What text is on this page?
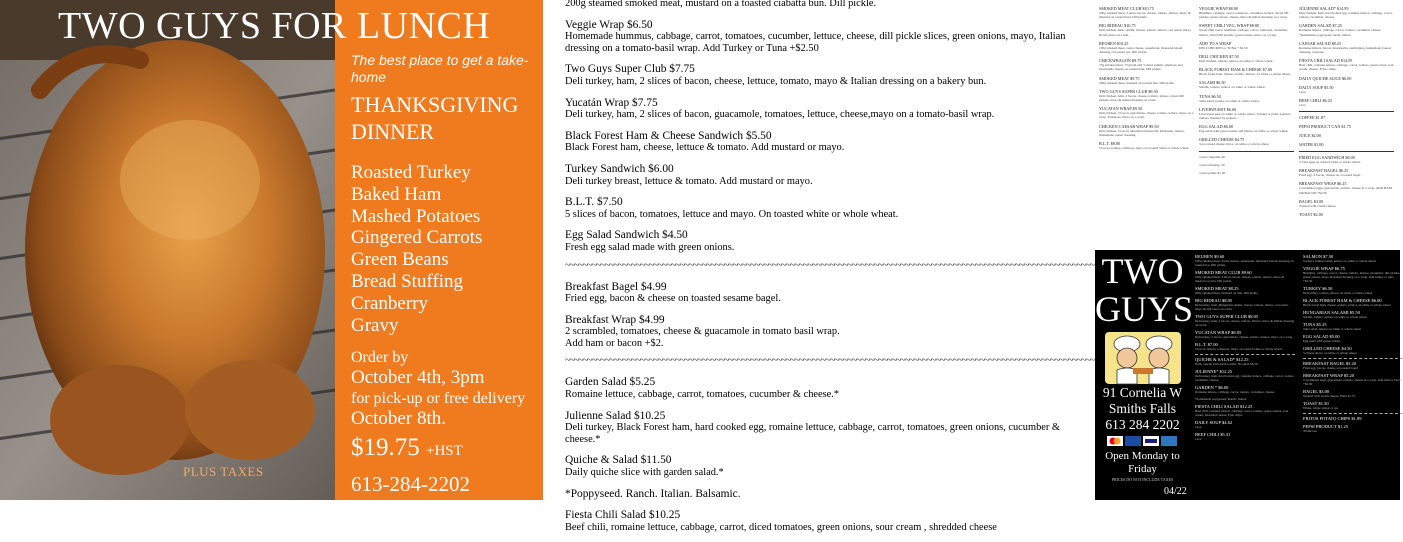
TWO GUYS FOR LUNCH
The best place to get a take-home
THANKSGIVING
DINNER
Roasted Turkey
Baked Ham
Mashed Potatoes
Gingered Carrots
Green Beans
Bread Stuffing
Cranberry
Gravy
Order by
October 4th, 3pm
for pick-up or free delivery
October 8th.
$19.75 +HST
613-284-2202
PLUS TAXES
200g steamed smoked meat, mustard on a toasted ciabatta bun. Dill pickle.
Veggie Wrap $6.50
Homemade hummus, cabbage, carrot, tomatoes, cucumber, lettuce, cheese, dill pickle slices, green onions, mayo, Italian dressing on a tomato-basil wrap. Add Turkey or Tuna +$2.50
Two Guys Super Club $7.75
Deli turkey, ham, 2 slices of bacon, cheese, lettuce, tomato, mayo & Italian dressing on a bakery bun.
Yucatán Wrap $7.75
Deli turkey, ham, 2 slices of bacon, guacamole, tomatoes, lettuce, cheese,mayo on a tomato-basil wrap.
Black Forest Ham & Cheese Sandwich $5.50
Black Forest ham, cheese, lettuce & tomato. Add mustard or mayo.
Turkey Sandwich $6.00
Deli turkey breast, lettuce & tomato. Add mustard or mayo.
B.L.T. $7.50
5 slices of bacon, tomatoes, lettuce and mayo. On toasted white or whole wheat.
Egg Salad Sandwich $4.50
Fresh egg salad made with green onions.
~~~~~~~~~~~~~~~~~~~~~~~~~~~~~~~~~~~~~~~~~~~~~~~~~~~~~~~~~~~~~~~~~~~~~~~~~~~~~~~~~~~~~~~~~~~~~~~~~~~~~~~~~~~~~~~~~~~~~~~~
Breakfast Bagel $4.99
Fried egg, bacon & cheese on toasted sesame bagel.
Breakfast Wrap $4.99
2 scrambled, tomatoes, cheese & guacamole in tomato basil wrap.
Add ham or bacon +$2.
~~~~~~~~~~~~~~~~~~~~~~~~~~~~~~~~~~~~~~~~~~~~~~~~~~~~~~~~~~~~~~~~~~~~~~~~~~~~~~~~~~~~~~~~~~~~~~~~~~~~~~~~~~~~~~~~~~~~~~~~
Garden Salad $5.25
Romaine lettuce, cabbage, carrot, tomatoes, cucumber & cheese.*
Julienne Salad $10.25
Deli turkey, Black Forest ham, hard cooked egg, romaine lettuce, cabbage, carrot, tomatoes, green onions, cucumber & cheese.*
Quiche & Salad $11.50
Daily quiche slice with garden salad.*
*Poppyseed. Ranch. Italian. Balsamic.
Fiesta Chili Salad $10.25
Beef chili, romaine lettuce, cabbage, carrot, diced tomatoes, green onions, sour cream , shredded cheese
SMOKED MEAT CLUB $10.75
200g smoked meat, 3 slices bacon, cheese, tomato, lettuce, mayo & mustard on toasted bun. Dill pickle.
BIG RIDEAU $10.75
Deli chicken, ham, salami, cheese, tomato, lettuce, red onion, mayo & tuff sauce on a bun.
REUBEN $10.25
100g smoked meat, swiss cheese, sauerkraut, thousand island dressing on toasted rye. Dill pickle.
CHICKWRAGON $9.75
75g smoked meat, 75g ham and 3 slices salami, american and mozzarella cheese on toasted bun. Dill pickle.
SMOKED MEAT $9.75
200g smoked meat, mustard on toasted bun. Dill pickle.
TWO GUYS SUPER CLUB $9.50
Deli chicken, ham, 2 bacon, cheese, tomato, lettuce, sliced dill pickles, mayo & italian dressing on a bun.
YUCATAN WRAP $9.50
Deli chicken, 2 bacon, guacamole, cheese, tomato, lettuce, mayo on a wrap. Tomatoes, mayo on a wrap.
CHICKEN CAESAR WRAP $9.50
Deli chicken, 2 bacon, shredded mozzarella, Parmesan, lettuce, homemade caesar dressing.
B.L.T. $8.80
5 bacon, lettuce, tomatoes, mayo on toasted white or whole wheat.
VEGGIE WRAP $8.80
Hummus, cabbage, carrot, tomatoes, cucumber, lettuce, sliced dill pickles, green onions, cheese, mayo & italian dressing on a wrap.
SWEET CHILI VEG. WRAP $8.80
Sweet chili sauce, hummus, cabbage, carrot, tomatoes, cucumber, lettuce, sliced dill pickles, green onions, mayo on a wrap.
ADD TO A WRAP
DELI CHICKEN or TUNA + $2.50
DELI CHICKEN $7.50
Deli chicken, tomato, lettuce on white or whole wheat.
BLACK FOREST HAM & CHEESE $7.00
Black forest ham, cheese, tomato, lettuce, on white or whole wheat.
SALAMI $6.50
Salami, tomato, lettuce on white or whole wheat.
TUNA $6.50
Tuna salad, lettuce on white or whole wheat.
LIVERWURST $6.00
Liverwurst paté on white or whole wheat. Toasted or plain. Lettuce, tomato, mustard by request.
EGG SALAD $6.00
Egg salad with green onions and lettuce on white or whole wheat.
GRILLED CHEESE $4.75
3 processed cheese slices, on white or whole wheat.
*extra cheese$1.00
*extra dressing .50
*extra pickle $1.50
JULIENNE SALAD* $14.95
Deli chicken, ham, hard boiled egg, romaine lettuce, cabbage, carrot, tomato, cucumber, cheese.
GARDEN SALAD $7.25
Romaine lettuce, cabbage, carrot, tomato, cucumber, cheese. *homemade poppyseed/ ranch/ italian
CAESAR SALAD $8.25
Romaine lettuce, bacon, mozzarella, parmigiana, homemade Caesar dressing, croutons.
FIESTA CHILI SALAD $14.95
Beef chili, romaine lettuce, cabbage, carrot, tomato, green onion, sour cream, cheese. Fritos chips.
DAILY QUICHE SLICE $6.00
DAILY SOUP $5.50
12oz
BEEF CHILI $6.25
12oz
COFFEE $1.87
PEPSI PRODUCT CAN $1.75
JUICE $2.00
WATER $1.00
FRIED EGG SANDWICH $6.00
2 fried eggs on toasted white or whole wheat.
BREAKFAST BAGEL $6.25
Fried egg, 2 bacon, cheese on a toasted bagel.
BREAKFAST WRAP $6.25
2 scrambled eggs, guacamole, tomato, cheese in a wrap. ADD HAM OR BACON +$2.50
BAGEL $3.00
Toasted with cream cheese.
TOAST $2.00
TWO
GUYS
91 Cornelia W
Smiths Falls
613 284 2202
Open Monday to
Friday
PRICES DO NOT INCLUDE TAXES
04/22
REUBEN $9.60
100g smoked meat, Swiss cheese, sauerkraut, thousand islands dressing on toasted rye. Dill pickle.
SMOKED MEAT CLUB $9.60
100g smoked meat, 3 slices bacon, cheese, tomato, lettuce, mayo & mustard on bun. Dill pickle.
SMOKED MEAT $8.25
200g smoked meat, mustard on bun. Dill pickle.
BIG RIDEAU $8.05
Deli turkey, ham, Hungarian salami, cheese, tomato, lettuce, red onion, mayo & tuff sauce on a bun.
TWO GUYS SUPER CLUB $8.05
Deli turkey, ham, 2 bacon, cheese, tomato, lettuce, mayo & Italian dressing on a bun.
YUCATAN WRAP $8.05
Deli turkey, 2 bacon, guacamole, cheese, tomato, lettuce, mayo on a wrap.
B.L.T. $7.00
5 bacon, lettuce, tomatoes, mayo on toasted white or whole wheat.
QUICHE & SALAD* $12.25
Daily quiche with garden salad. No salad $6.50
JULIENNE* $12.25
Deli turkey, ham, hard boiled egg, romaine lettuce, cabbage, carrot, tomato, cucumber, cheese.
GARDEN * $6.00
Romaine lettuce, cabbage, carrot, tomato, cucumber, cheese.
*homemade poppyseed/ Ranch/ Italian
FIESTA CHILI SALAD $12.25
Beef chili, romaine lettuce, cabbage, carrot, tomato, green onions, sour cream, shredded cheese. Frito chips.
DAILY SOUP $4.62
12oz
BEEF CHILI $5.31
12oz
SALMON $7.50
Sockeye salmon salad, lettuce on white or whole wheat
VEGGIE WRAP $6.75
Hummus, cabbage, carrot, cheese, tomato, lettuce, cucumber, dill pickles, green onions, mayo & Italian dressing on a wrap. Add turkey or tuna +$2.50
TURKEY $6.50
Deli turkey, tomato, lettuce on white or whole wheat
BLACK FOREST HAM & CHEESE $6.00
Black forest ham, cheese, tomato, lettuce on white or whole wheat
HUNGARIAN SALAMI $5.50
Salami, tomato, lettuce on white or whole wheat
TUNA $5.25
Tuna salad, lettuce on white or whole wheat
EGG SALAD $5.00
Egg salad with green onions
GRILLED CHEESE $4.50
3 cheese slices, on white or whole wheat
BREAKFAST BAGEL $5.20
Fried egg, bacon, cheese on toasted bagel
BREAKFAST WRAP $5.20
2 scrambled eggs, guacamole, tomato, cheese in a wrap. Add ham or bacon +$2.00
BAGEL $3.00
Toasted with cream cheese. Plain $1.75
TOAST $1.50
White, whole wheat or rye
FRITOS POTATO CHIPS $1.89
PEPSI PRODUCT $1.25
355ml can
